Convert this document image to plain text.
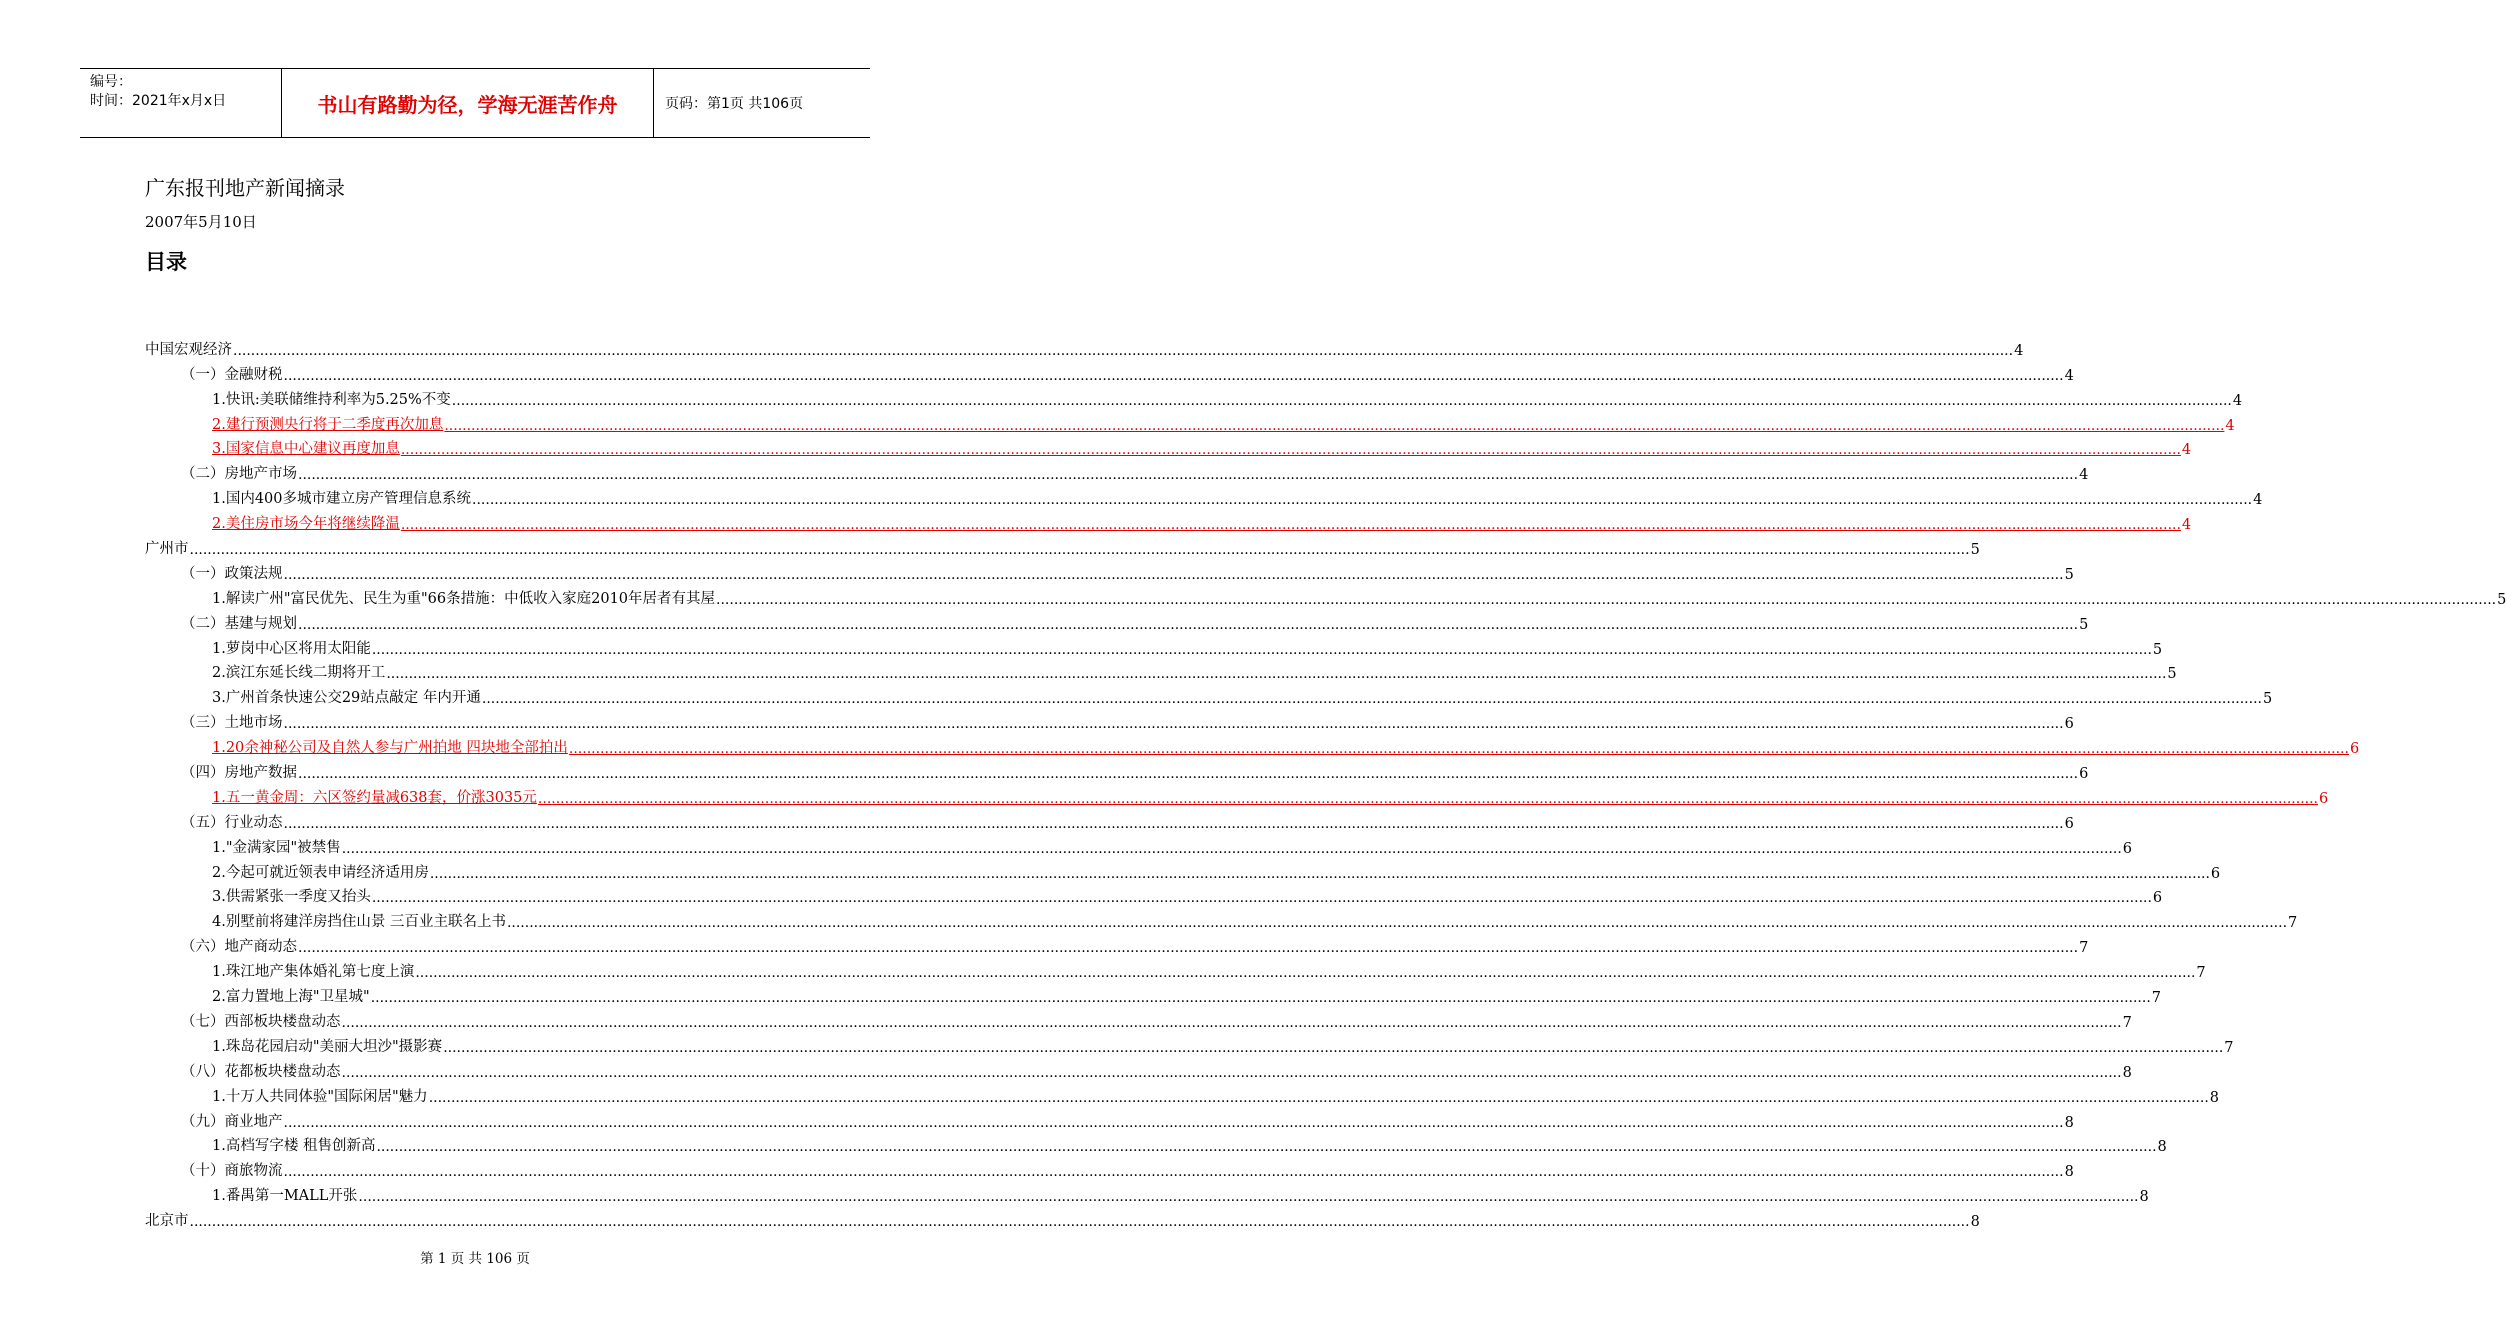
编号：
时间：2021年x月x日	书山有路勤为径，学海无涯苦作舟	页码：第1页 共106页
广东报刊地产新闻摘录
2007年5月10日
目录
中国宏观经济 ................................................................................................................................................................................................................................................................................................................................................................................................................ 4
（一）金融财税 ................................................................................................................................................................................................................................................................................................................................................................................................................ 4
1.快讯:美联储维持利率为5.25%不变 ................................................................................................................................................................................................................................................................................................................................................................................................................ 4
2.建行预测央行将于二季度再次加息 ................................................................................................................................................................................................................................................................................................................................................................................................................ 4
3.国家信息中心建议再度加息 ................................................................................................................................................................................................................................................................................................................................................................................................................ 4
（二）房地产市场 ................................................................................................................................................................................................................................................................................................................................................................................................................ 4
1.国内400多城市建立房产管理信息系统 ................................................................................................................................................................................................................................................................................................................................................................................................................ 4
2.美住房市场今年将继续降温 ................................................................................................................................................................................................................................................................................................................................................................................................................ 4
广州市 ................................................................................................................................................................................................................................................................................................................................................................................................................ 5
（一）政策法规 ................................................................................................................................................................................................................................................................................................................................................................................................................ 5
1.解读广州"富民优先、民生为重"66条措施：中低收入家庭2010年居者有其屋 ................................................................................................................................................................................................................................................................................................................................................................................................................ 5
（二）基建与规划 ................................................................................................................................................................................................................................................................................................................................................................................................................ 5
1.萝岗中心区将用太阳能 ................................................................................................................................................................................................................................................................................................................................................................................................................ 5
2.滨江东延长线二期将开工 ................................................................................................................................................................................................................................................................................................................................................................................................................ 5
3.广州首条快速公交29站点敲定 年内开通 ................................................................................................................................................................................................................................................................................................................................................................................................................ 5
（三）土地市场 ................................................................................................................................................................................................................................................................................................................................................................................................................ 6
1.20余神秘公司及自然人参与广州拍地 四块地全部拍出 ................................................................................................................................................................................................................................................................................................................................................................................................................ 6
（四）房地产数据 ................................................................................................................................................................................................................................................................................................................................................................................................................ 6
1.五一黄金周：六区签约量减638套，价涨3035元 ................................................................................................................................................................................................................................................................................................................................................................................................................ 6
（五）行业动态 ................................................................................................................................................................................................................................................................................................................................................................................................................ 6
1."金满家园"被禁售 ................................................................................................................................................................................................................................................................................................................................................................................................................ 6
2.今起可就近领表申请经济适用房 ................................................................................................................................................................................................................................................................................................................................................................................................................ 6
3.供需紧张一季度又抬头 ................................................................................................................................................................................................................................................................................................................................................................................................................ 6
4.别墅前将建洋房挡住山景 三百业主联名上书 ................................................................................................................................................................................................................................................................................................................................................................................................................ 7
（六）地产商动态 ................................................................................................................................................................................................................................................................................................................................................................................................................ 7
1.珠江地产集体婚礼第七度上演 ................................................................................................................................................................................................................................................................................................................................................................................................................ 7
2.富力置地上海"卫星城" ................................................................................................................................................................................................................................................................................................................................................................................................................ 7
（七）西部板块楼盘动态 ................................................................................................................................................................................................................................................................................................................................................................................................................ 7
1.珠岛花园启动"美丽大坦沙"摄影赛 ................................................................................................................................................................................................................................................................................................................................................................................................................ 7
（八）花都板块楼盘动态 ................................................................................................................................................................................................................................................................................................................................................................................................................ 8
1.十万人共同体验"国际闲居"魅力 ................................................................................................................................................................................................................................................................................................................................................................................................................ 8
（九）商业地产 ................................................................................................................................................................................................................................................................................................................................................................................................................ 8
1.高档写字楼 租售创新高 ................................................................................................................................................................................................................................................................................................................................................................................................................ 8
（十）商旅物流 ................................................................................................................................................................................................................................................................................................................................................................................................................ 8
1.番禺第一MALL开张 ................................................................................................................................................................................................................................................................................................................................................................................................................ 8
北京市 ................................................................................................................................................................................................................................................................................................................................................................................................................ 8
第 1 页 共 106 页
